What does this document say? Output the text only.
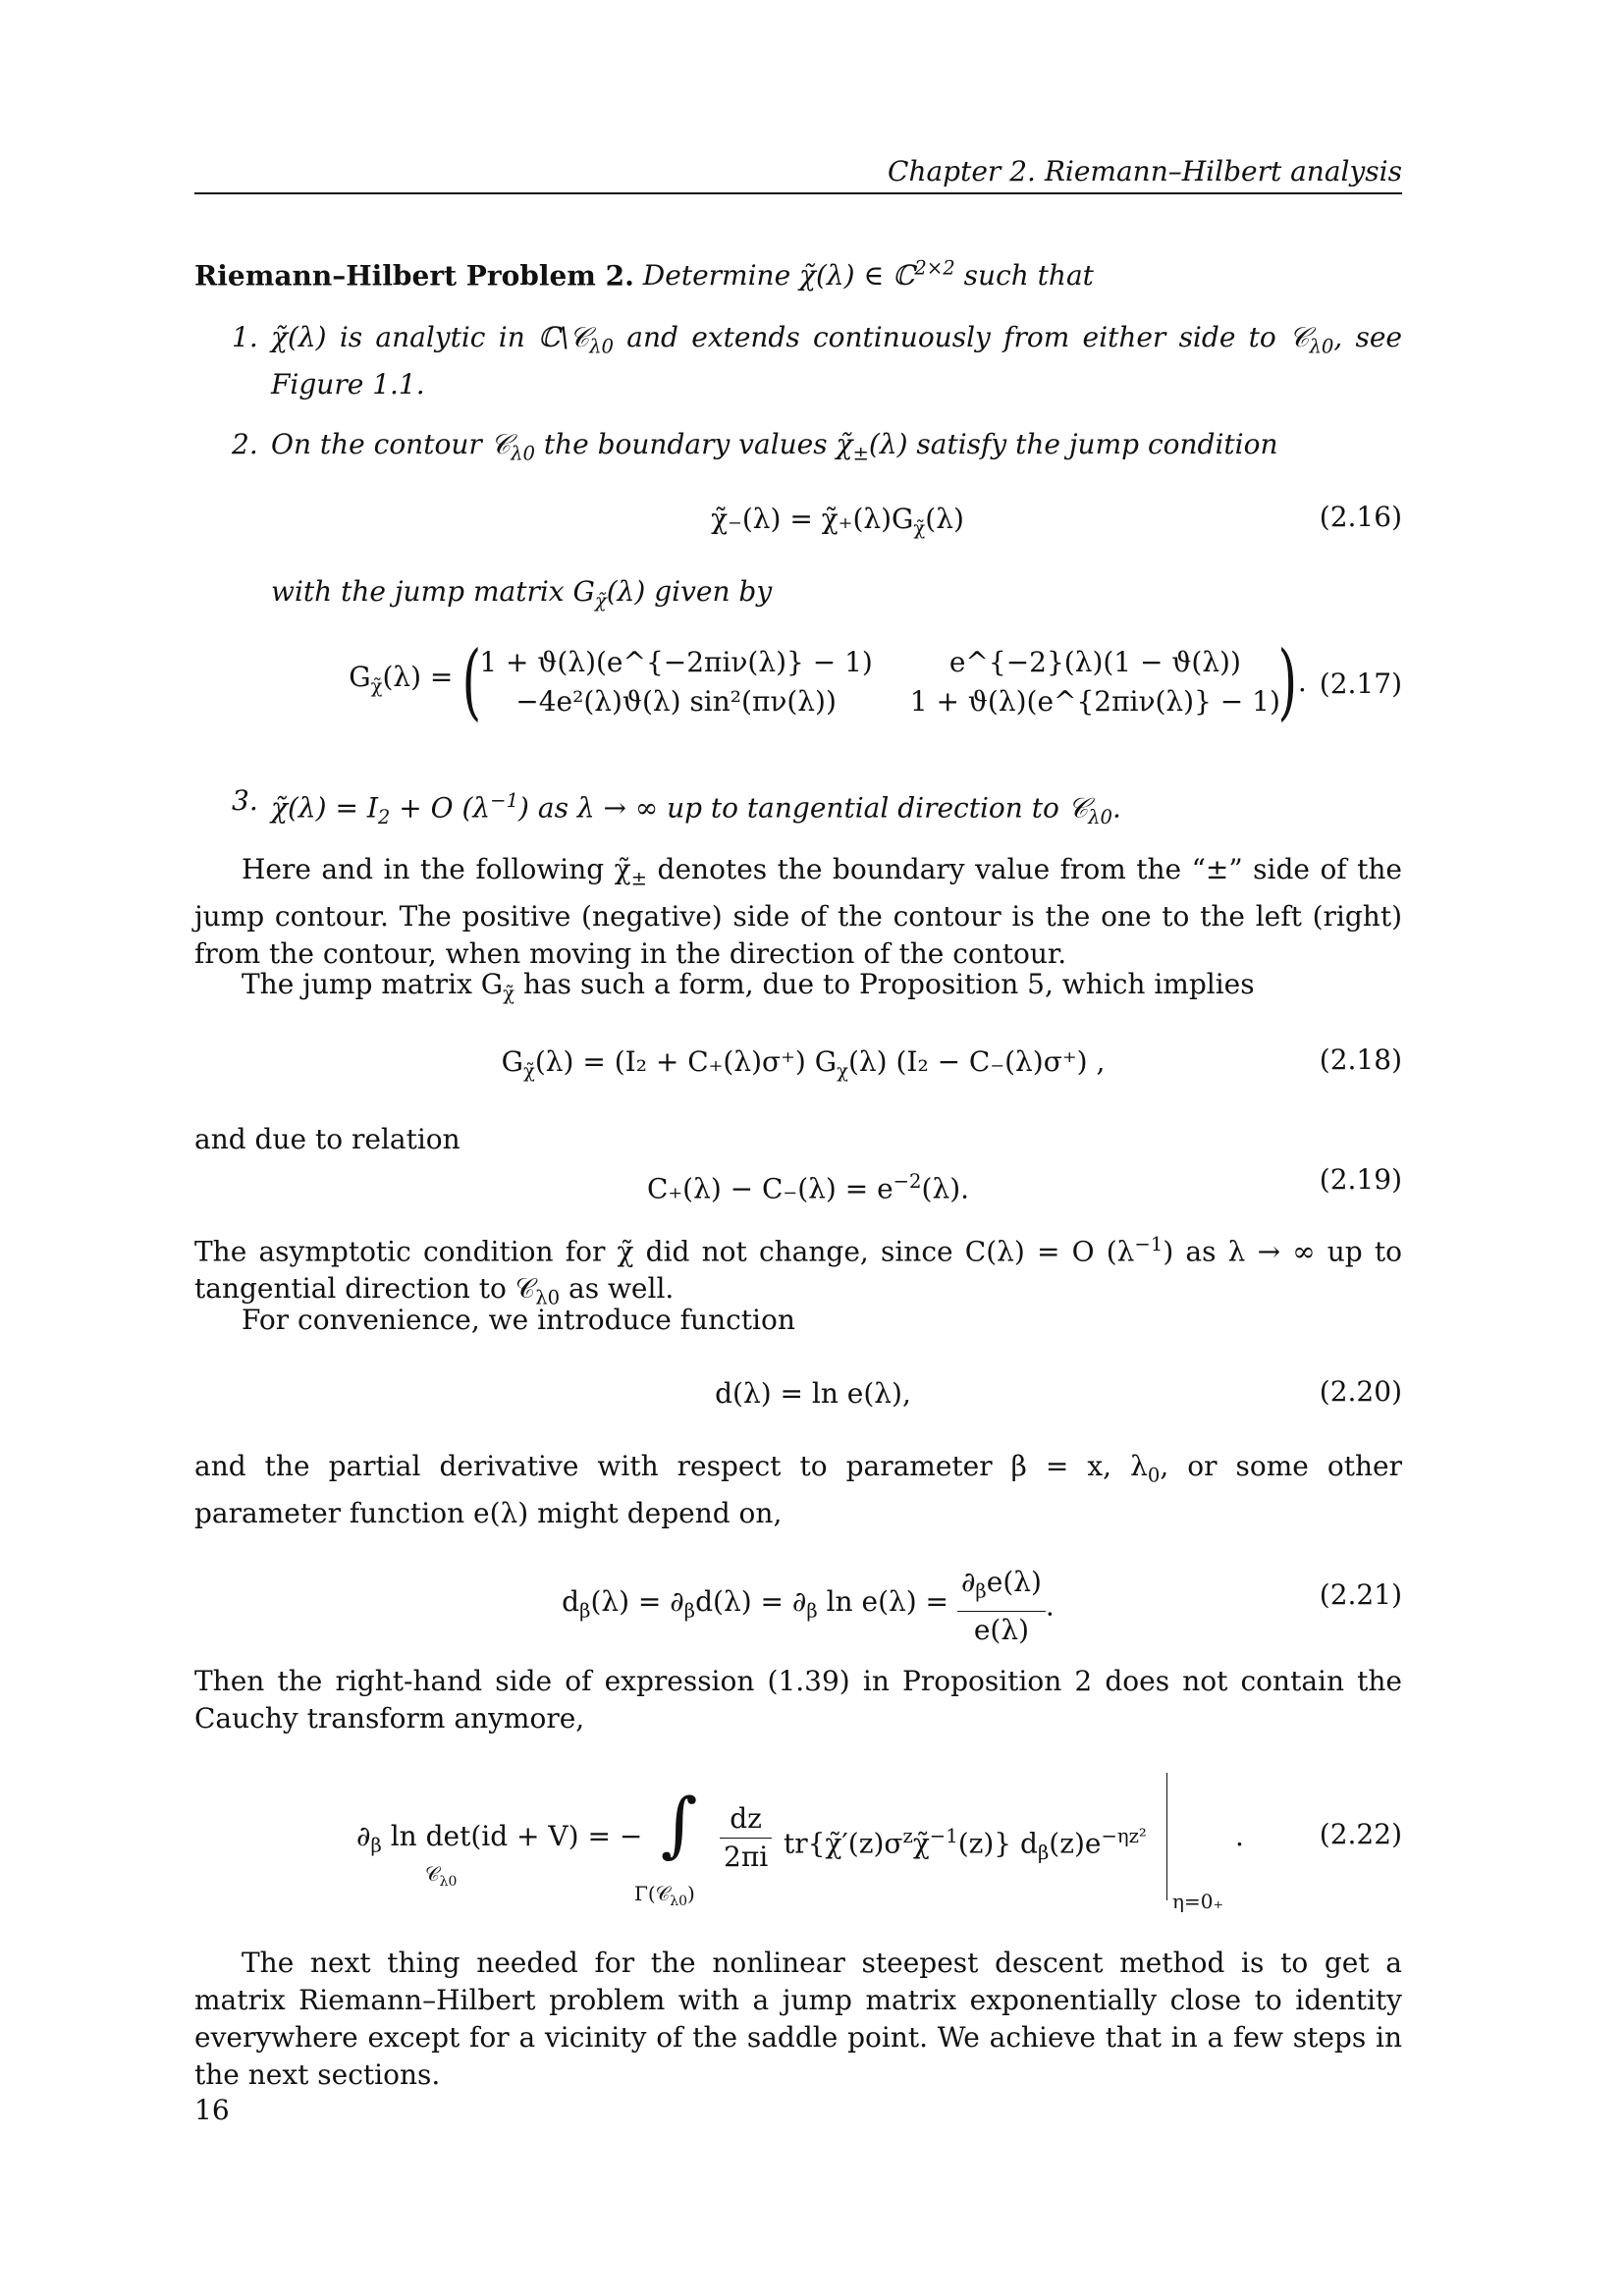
Chapter 2. Riemann–Hilbert analysis
Riemann–Hilbert Problem 2. Determine χ̃(λ) ∈ ℂ$^{2\times 2}$ such that
1. χ̃(λ) is analytic in ℂ\𝒞$_{\lambda 0}$ and extends continuously from either side to 𝒞$_{\lambda 0}$, see Figure 1.1.
2. On the contour 𝒞$_{\lambda 0}$ the boundary values $\chĩ_\pm(\lambda)$ satisfy the jump condition
χ̃₋(λ) = $\chĩ_+(\lambda)G_{\chĩ}(\lambda)$	(2.16)
with the jump matrix $G_{\chĩ}(\lambda)$ given by
$G_{\chĩ}(\lambda)$ = (
1 + ϑ(λ)(e^{−2πiν(λ)} − 1)	e^{−2}(λ)(1 − ϑ(λ))
−4e²(λ)ϑ(λ) sin²(πν(λ))	1 + ϑ(λ)(e^{2πiν(λ)} − 1)
) . (2.17)
3. χ̃(λ) = $I_2 + O$ $(\lambda^{-1})$ as λ → ∞ up to tangential direction to 𝒞$_{\lambda 0}$.
Here and in the following $\chĩ_\pm$ denotes the boundary value from the “±” side of the jump contour. The positive (negative) side of the contour is the one to the left (right) from the contour, when moving in the direction of the contour.
The jump matrix $G_{\chĩ}$ has such a form, due to Proposition 5, which implies
$G_{\chĩ}(\lambda) = (I_2 + C_+(\lambda)\sigma^+)$ $G_\chi(\lambda) (I_2 - C_-(\lambda)\sigma^+)$ ,	(2.18)
and due to relation
$C_+(\lambda) - C_-(\lambda) = e^{-2}(\lambda)$.	(2.19)
The asymptotic condition for χ̃ did not change, since C(λ) = O $(\lambda^{-1})$ as λ → ∞ up to tangential direction to 𝒞$_{\lambda 0}$ as well.
For convenience, we introduce function
d(λ) = ln e(λ),	(2.20)
and the partial derivative with respect to parameter β = x, $\lambda_0$, or some other parameter function e(λ) might depend on,
$d_\beta(\lambda) = \partial_\beta d(\lambda) = \partial_\beta$ $\ln e(\lambda) = \frac{\partial_\beta e(\lambda)}{e(\lambda)}$ .	(2.21)
Then the right-hand side of expression (1.39) in Proposition 2 does not contain the Cauchy transform anymore,
$\partial_\beta$ ln det(id + V) = −
𝒞$_{\lambda 0}$
∫
Γ(𝒞$_{\lambda 0}$)
$\frac{dz}{2\pi i}$ $tr\{\chĩ'(z)\sigma^z\chĩ^{-1}(z)\}$ $d_\beta(z)e^{-\eta z^2}$
η=0₊
.	(2.22)
The next thing needed for the nonlinear steepest descent method is to get a matrix Riemann–Hilbert problem with a jump matrix exponentially close to identity everywhere except for a vicinity of the saddle point. We achieve that in a few steps in the next sections.
16
